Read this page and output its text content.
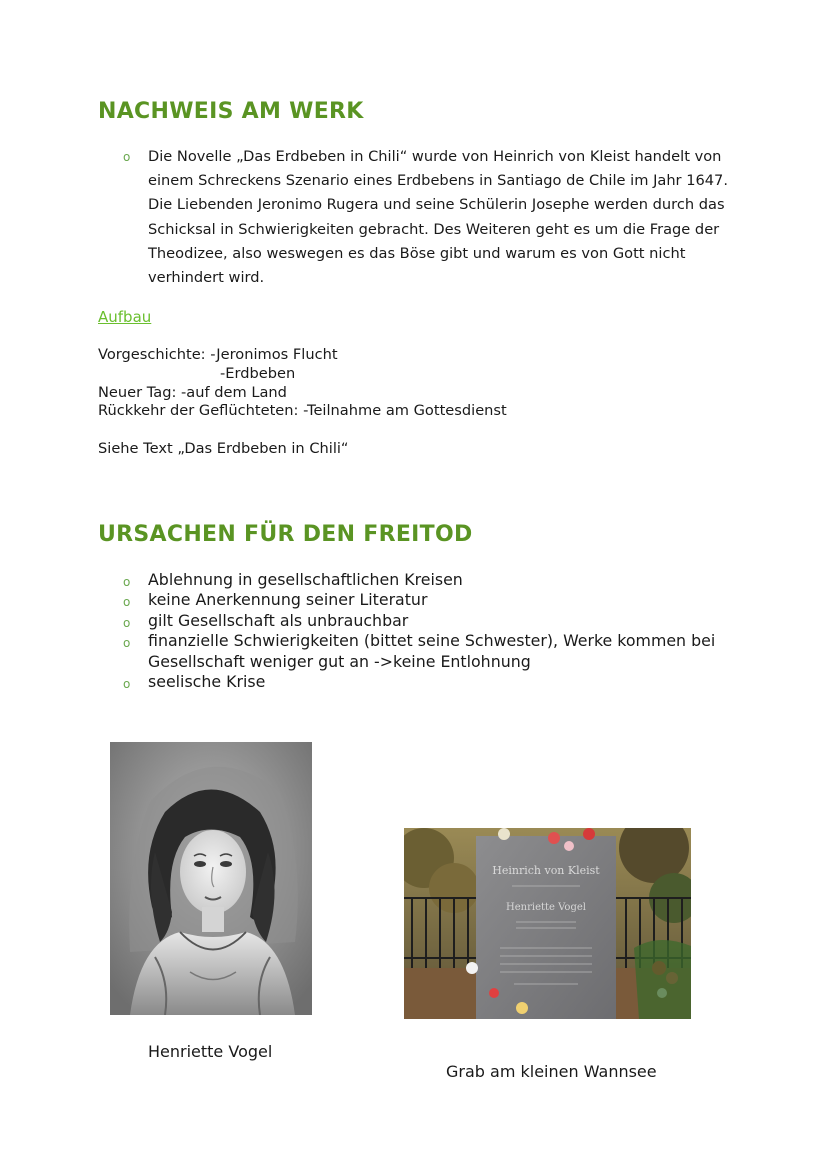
NACHWEIS AM WERK
o Die Novelle „Das Erdbeben in Chili“ wurde von Heinrich von Kleist handelt von einem Schreckens Szenario eines Erdbebens in Santiago de Chile im Jahr 1647. Die Liebenden Jeronimo Rugera und seine Schülerin Josephe werden durch das Schicksal in Schwierigkeiten gebracht. Des Weiteren geht es um die Frage der Theodizee, also weswegen es das Böse gibt und warum es von Gott nicht verhindert wird.
Aufbau
Vorgeschichte: -Jeronimos Flucht
-Erdbeben
Neuer Tag: -auf dem Land
Rückkehr der Geflüchteten: -Teilnahme am Gottesdienst
Siehe Text „Das Erdbeben in Chili“
URSACHEN FÜR DEN FREITOD
o Ablehnung in gesellschaftlichen Kreisen
o keine Anerkennung seiner Literatur
o gilt Gesellschaft als unbrauchbar
o finanzielle Schwierigkeiten (bittet seine Schwester), Werke kommen bei Gesellschaft weniger gut an ->keine Entlohnung
o seelische Krise
Heinrich von Kleist
Henriette Vogel
Henriette Vogel
Grab am kleinen Wannsee
